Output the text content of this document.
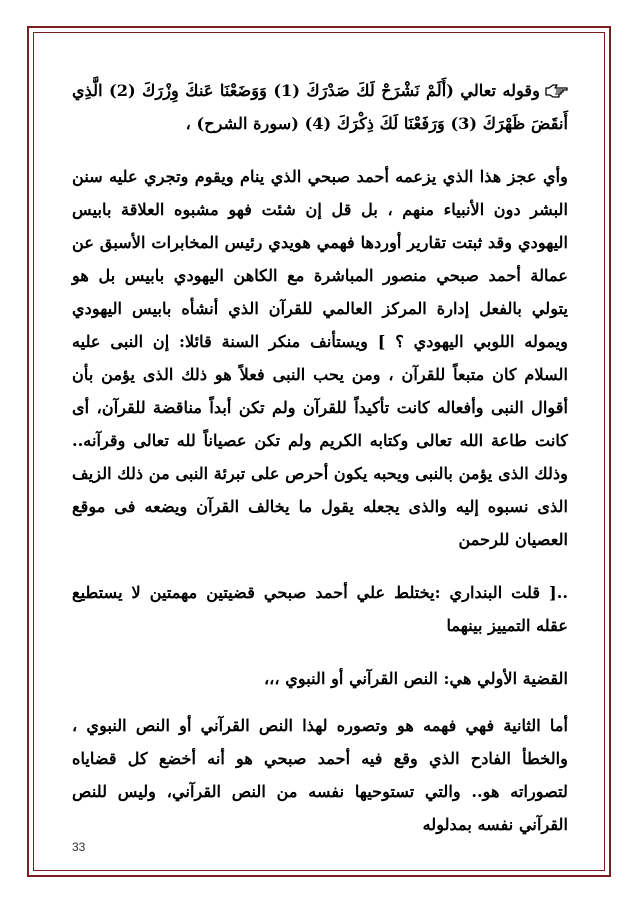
وقوله تعالي (أَلَمْ نَشْرَحْ لَكَ صَدْرَكَ (1) وَوَضَعْنَا عَنكَ وِزْرَكَ (2) الَّذِي أَنقَضَ ظَهْرَكَ (3) وَرَفَعْنَا لَكَ ذِكْرَكَ (4) (سورة الشرح) ،

وأي عجز هذا الذي يزعمه أحمد صبحي الذي ينام ويقوم وتجري عليه سنن البشر دون الأنبياء منهم ، بل قل إن شئت فهو مشبوه العلاقة بابيس اليهودي وقد ثبتت تقارير أوردها فهمي هويدي رئيس المخابرات الأسبق عن عمالة أحمد صبحي منصور المباشرة مع الكاهن اليهودي بابيس بل هو يتولي بالفعل إدارة المركز العالمي للقرآن الذي أنشأه بابيس اليهودي ويموله اللوبي اليهودي ؟ ] ويستأنف منكر السنة قائلا: إن النبى عليه السلام كان متبعاً للقرآن ، ومن يحب النبى فعلاً هو ذلك الذى يؤمن بأن أقوال النبى وأفعاله كانت تأكيداً للقرآن ولم تكن أبداً مناقضة للقرآن، أى كانت طاعة الله تعالى وكتابه الكريم ولم تكن عصياناً لله تعالى وقرآنه.. وذلك الذى يؤمن بالنبى ويحبه يكون أحرص على تبرئة النبى من ذلك الزيف الذى نسبوه إليه والذى يجعله يقول ما يخالف القرآن ويضعه فى موقع العصيان للرحمن

..[ قلت البنداري :يختلط علي أحمد صبحي قضيتين مهمتين لا يستطيع عقله التمييز بينهما

القضية الأولي هي: النص القرآني أو النبوي ،،،

أما الثانية فهي فهمه هو وتصوره لهذا النص القرآني أو النص النبوي ، والخطأ الفادح الذي وقع فيه أحمد صبحي هو أنه أخضع كل قضاياه لتصوراته هو.. والتي تستوحيها نفسه من النص القرآني، وليس للنص القرآني نفسه بمدلوله

33
